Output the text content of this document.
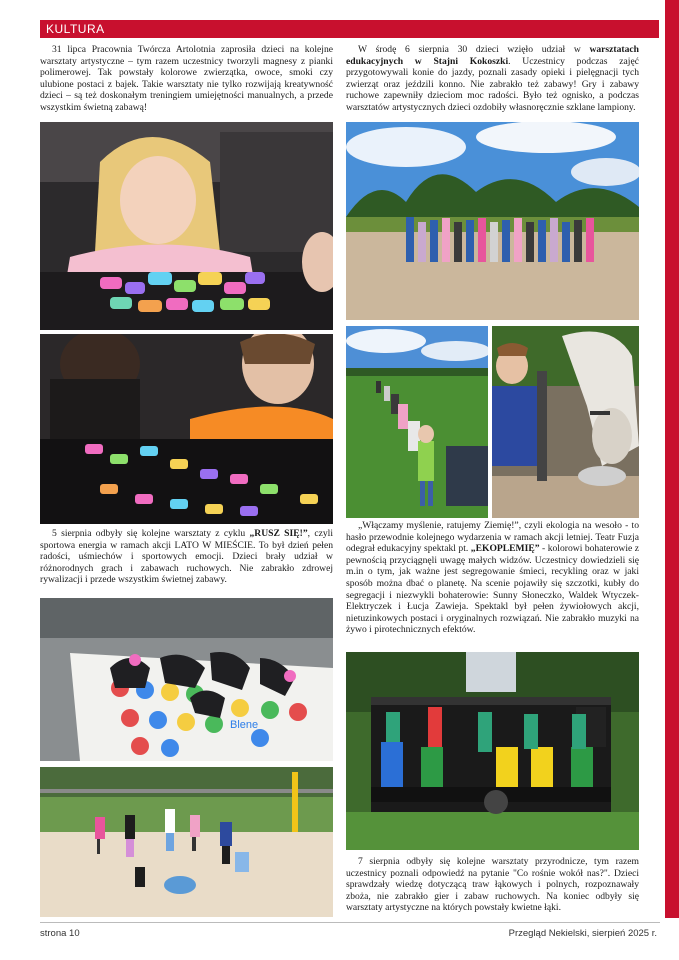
KULTURA

31 lipca Pracownia Twórcza Artolotnia zaprosiła dzieci na kolejne warsztaty artystyczne – tym razem uczestnicy tworzyli magnesy z pianki polimerowej. Tak powstały kolorowe zwierzątka, owoce, smoki czy ulubione postaci z bajek. Takie warsztaty nie tylko rozwijają kreatywność dzieci – są też doskonałym treningiem umiejętności manualnych, a przede wszystkim świetną zabawą!

5 sierpnia odbyły się kolejne warsztaty z cyklu „RUSZ SIĘ!”, czyli sportowa energia w ramach akcji LATO W MIEŚCIE. To był dzień pełen radości, uśmiechów i sportowych emocji. Dzieci brały udział w różnorodnych grach i zabawach ruchowych. Nie zabrakło zdrowej rywalizacji i przede wszystkim świetnej zabawy.

Blene

W środę 6 sierpnia 30 dzieci wzięło udział w warsztatach edukacyjnych w Stajni Kokoszki. Uczestnicy podczas zajęć przygotowywali konie do jazdy, poznali zasady opieki i pielęgnacji tych zwierząt oraz jeździli konno. Nie zabrakło też zabawy! Gry i zabawy ruchowe zapewniły dzieciom moc radości. Było też ognisko, a podczas warsztatów artystycznych dzieci ozdobiły własnoręcznie szklane lampiony.

„Włączamy myślenie, ratujemy Ziemię!”, czyli ekologia na wesoło - to hasło przewodnie kolejnego wydarzenia w ramach akcji letniej. Teatr Fuzja odegrał edukacyjny spektakl pt. „EKOPLEMIĘ” - kolorowi bohaterowie z pewnością przyciągnęli uwagę małych widzów. Uczestnicy dowiedzieli się m.in o tym, jak ważne jest segregowanie śmieci, recykling oraz w jaki sposób można dbać o planetę. Na scenie pojawiły się szczotki, kubły do segregacji i niezwykli bohaterowie: Sunny Słoneczko, Waldek Wtyczek-Elektryczek i Łucja Zawieja. Spektakl był pełen żywiołowych akcji, nietuzinkowych postaci i oryginalnych rozwiązań. Nie zabrakło muzyki na żywo i pirotechnicznych efektów.

7 sierpnia odbyły się kolejne warsztaty przyrodnicze, tym razem uczestnicy poznali odpowiedź na pytanie "Co rośnie wokół nas?". Dzieci sprawdzały wiedzę dotyczącą traw łąkowych i polnych, rozpoznawały zboża, nie zabrakło gier i zabaw ruchowych. Na koniec odbyły się warsztaty artystyczne na których powstały kwietne łąki.

strona 10	Przegląd Nekielski, sierpień 2025 r.
